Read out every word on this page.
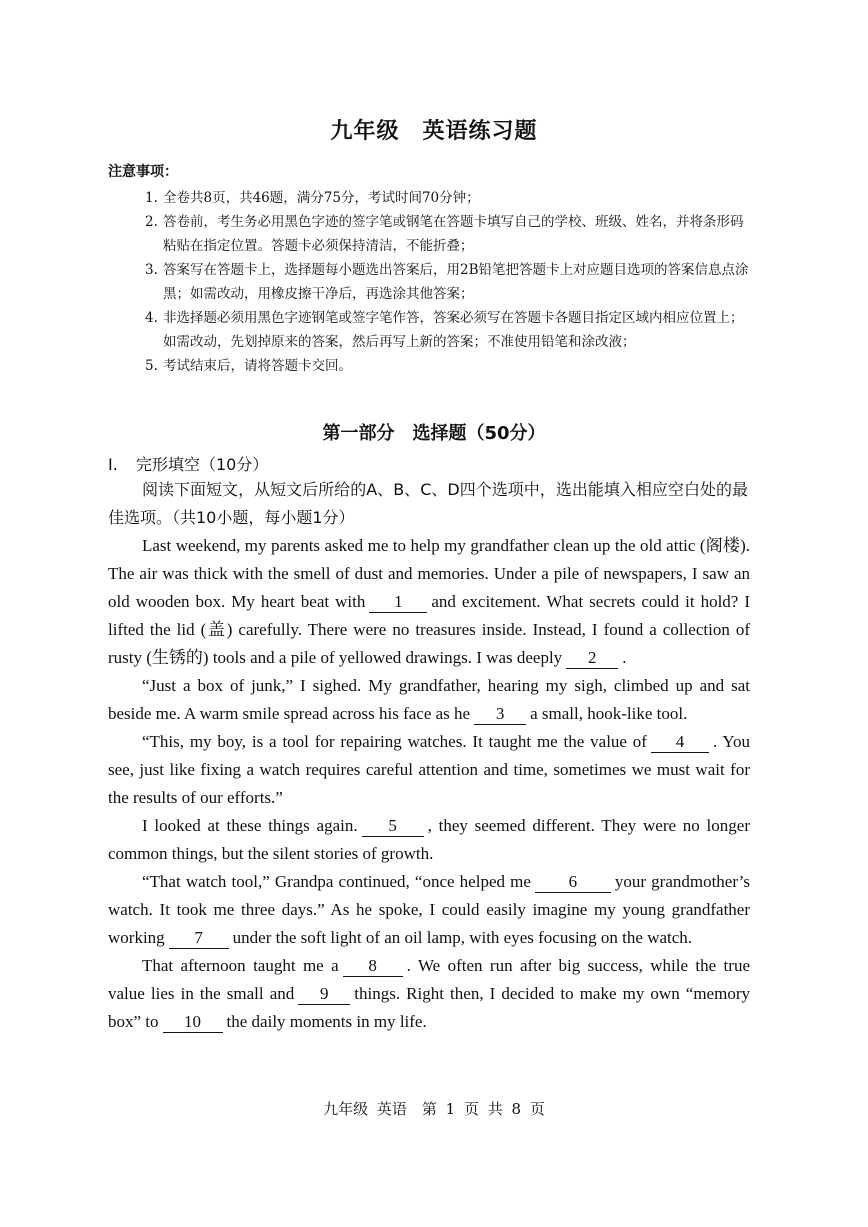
九年级　英语练习题
注意事项：
1. 全卷共8页，共46题，满分75分，考试时间70分钟；
2. 答卷前，考生务必用黑色字迹的签字笔或钢笔在答题卡填写自己的学校、班级、姓名，并将条形码粘贴在指定位置。答题卡必须保持清洁，不能折叠；
3. 答案写在答题卡上，选择题每小题选出答案后，用2B铅笔把答题卡上对应题目选项的答案信息点涂黑；如需改动，用橡皮擦干净后，再选涂其他答案；
4. 非选择题必须用黑色字迹钢笔或签字笔作答，答案必须写在答题卡各题目指定区域内相应位置上；如需改动，先划掉原来的答案，然后再写上新的答案；不准使用铅笔和涂改液；
5. 考试结束后，请将答题卡交回。
第一部分　选择题（50分）
I. 完形填空（10分）
阅读下面短文，从短文后所给的A、B、C、D四个选项中，选出能填入相应空白处的最佳选项。（共10小题，每小题1分）

Last weekend, my parents asked me to help my grandfather clean up the old attic (阁楼). The air was thick with the smell of dust and memories. Under a pile of newspapers, I saw an old wooden box. My heart beat with 1 and excitement. What secrets could it hold? I lifted the lid (盖) carefully. There were no treasures inside. Instead, I found a collection of rusty (生锈的) tools and a pile of yellowed drawings. I was deeply 2 .

“Just a box of junk,” I sighed. My grandfather, hearing my sigh, climbed up and sat beside me. A warm smile spread across his face as he 3 a small, hook-like tool.

“This, my boy, is a tool for repairing watches. It taught me the value of 4 . You see, just like fixing a watch requires careful attention and time, sometimes we must wait for the results of our efforts.”

I looked at these things again. 5 , they seemed different. They were no longer common things, but the silent stories of growth.

“That watch tool,” Grandpa continued, “once helped me 6 your grandmother’s watch. It took me three days.” As he spoke, I could easily imagine my young grandfather working 7 under the soft light of an oil lamp, with eyes focusing on the watch.

That afternoon taught me a 8 . We often run after big success, while the true value lies in the small and 9 things. Right then, I decided to make my own “memory box” to 10 the daily moments in my life.

九年级 英语　第 1 页 共 8 页
